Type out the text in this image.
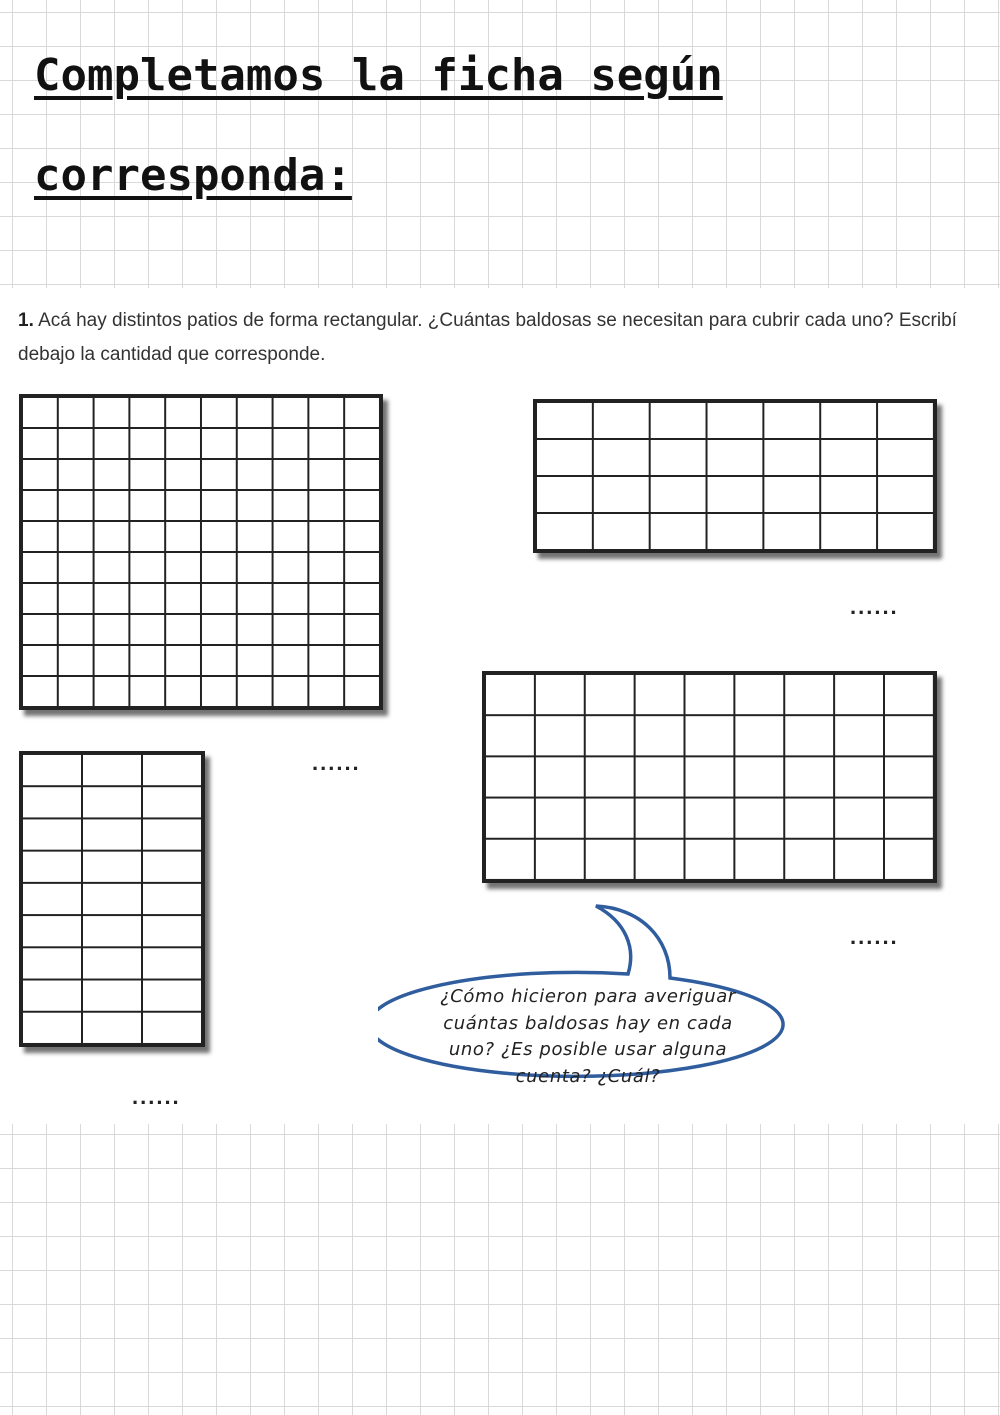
Completamos la ficha según
corresponda:
1. Acá hay distintos patios de forma rectangular. ¿Cuántas baldosas se necesitan para cubrir cada uno? Escribí debajo la cantidad que corresponde.
......
......
......
......
¿Cómo hicieron para averiguar
cuántas baldosas hay en cada
uno? ¿Es posible usar alguna
cuenta? ¿Cuál?
